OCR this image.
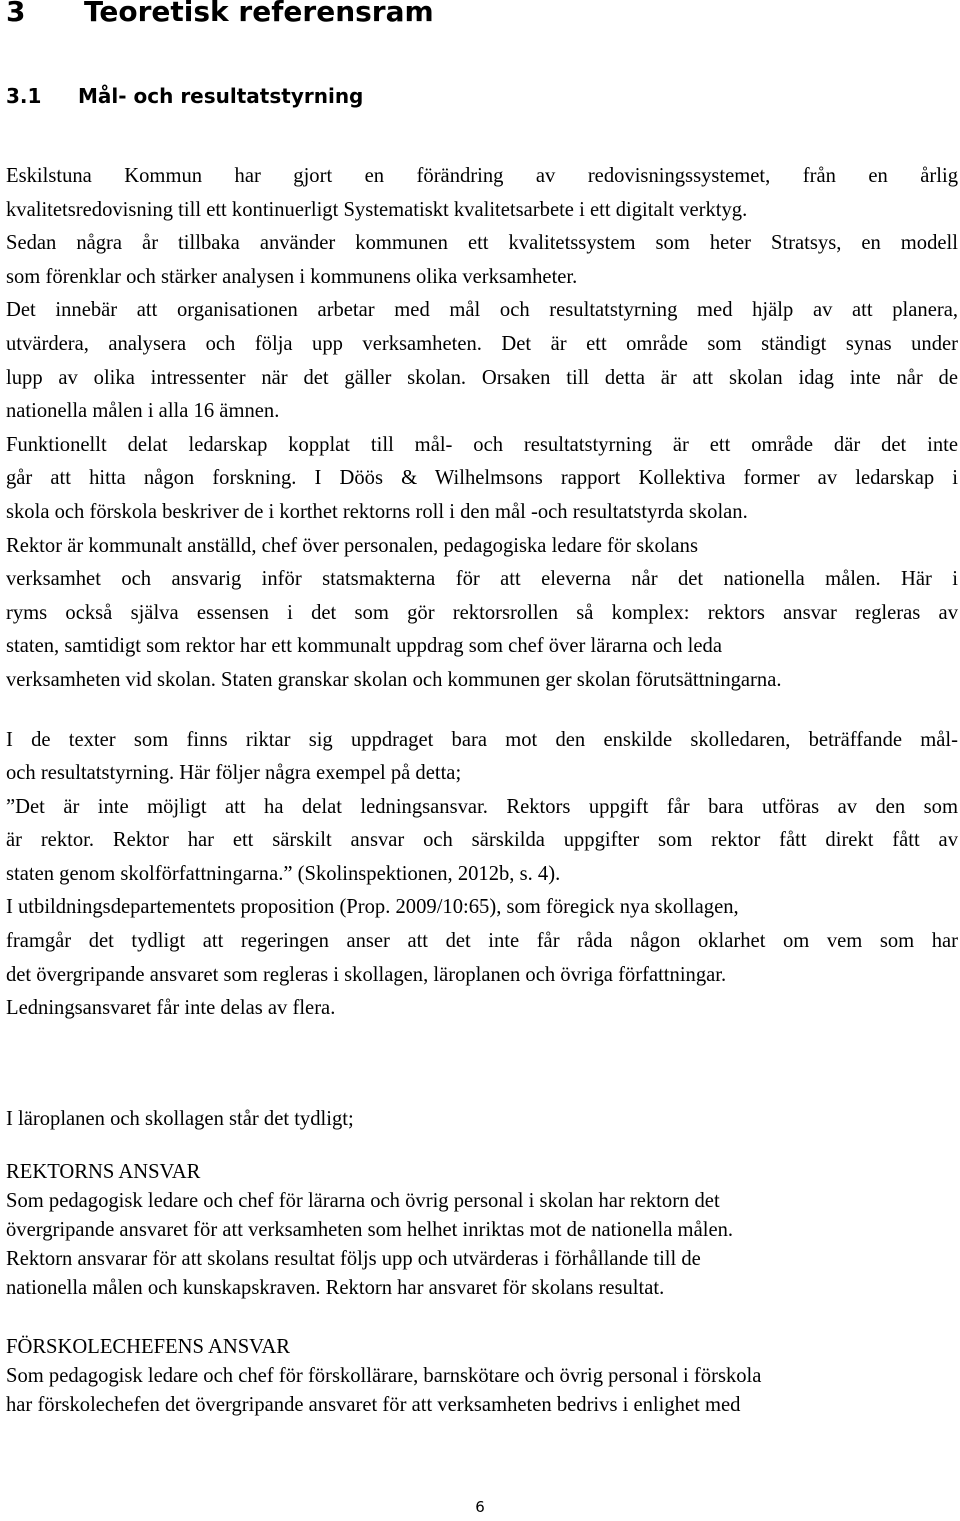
3 Teoretisk referensram
3.1 Mål- och resultatstyrning

Eskilstuna Kommun har gjort en förändring av redovisningssystemet, från en årlig

kvalitetsredovisning till ett kontinuerligt Systematiskt kvalitetsarbete i ett digitalt verktyg.

Sedan några år tillbaka använder kommunen ett kvalitetssystem som heter Stratsys, en modell

som förenklar och stärker analysen i kommunens olika verksamheter.

Det innebär att organisationen arbetar med mål och resultatstyrning med hjälp av att planera,

utvärdera, analysera och följa upp verksamheten. Det är ett område som ständigt synas under

lupp av olika intressenter när det gäller skolan. Orsaken till detta är att skolan idag inte når de

nationella målen i alla 16 ämnen.

Funktionellt delat ledarskap kopplat till mål- och resultatstyrning är ett område där det inte

går att hitta någon forskning. I Döös & Wilhelmsons rapport Kollektiva former av ledarskap i

skola och förskola beskriver de i korthet rektorns roll i den mål -och resultatstyrda skolan.

Rektor är kommunalt anställd, chef över personalen, pedagogiska ledare för skolans

verksamhet och ansvarig inför statsmakterna för att eleverna når det nationella målen. Här i

ryms också själva essensen i det som gör rektorsrollen så komplex: rektors ansvar regleras av

staten, samtidigt som rektor har ett kommunalt uppdrag som chef över lärarna och leda

verksamheten vid skolan. Staten granskar skolan och kommunen ger skolan förutsättningarna.

I de texter som finns riktar sig uppdraget bara mot den enskilde skolledaren, beträffande mål-

och resultatstyrning. Här följer några exempel på detta;

”Det är inte möjligt att ha delat ledningsansvar. Rektors uppgift får bara utföras av den som

är rektor. Rektor har ett särskilt ansvar och särskilda uppgifter som rektor fått direkt fått av

staten genom skolförfattningarna.” (Skolinspektionen, 2012b, s. 4).

I utbildningsdepartementets proposition (Prop. 2009/10:65), som föregick nya skollagen,

framgår det tydligt att regeringen anser att det inte får råda någon oklarhet om vem som har

det övergripande ansvaret som regleras i skollagen, läroplanen och övriga författningar.

Ledningsansvaret får inte delas av flera.

I läroplanen och skollagen står det tydligt;

REKTORNS ANSVAR

Som pedagogisk ledare och chef för lärarna och övrig personal i skolan har rektorn det

övergripande ansvaret för att verksamheten som helhet inriktas mot de nationella målen.

Rektorn ansvarar för att skolans resultat följs upp och utvärderas i förhållande till de

nationella målen och kunskapskraven. Rektorn har ansvaret för skolans resultat.

FÖRSKOLECHEFENS ANSVAR

Som pedagogisk ledare och chef för förskollärare, barnskötare och övrig personal i förskola

har förskolechefen det övergripande ansvaret för att verksamheten bedrivs i enlighet med

6
